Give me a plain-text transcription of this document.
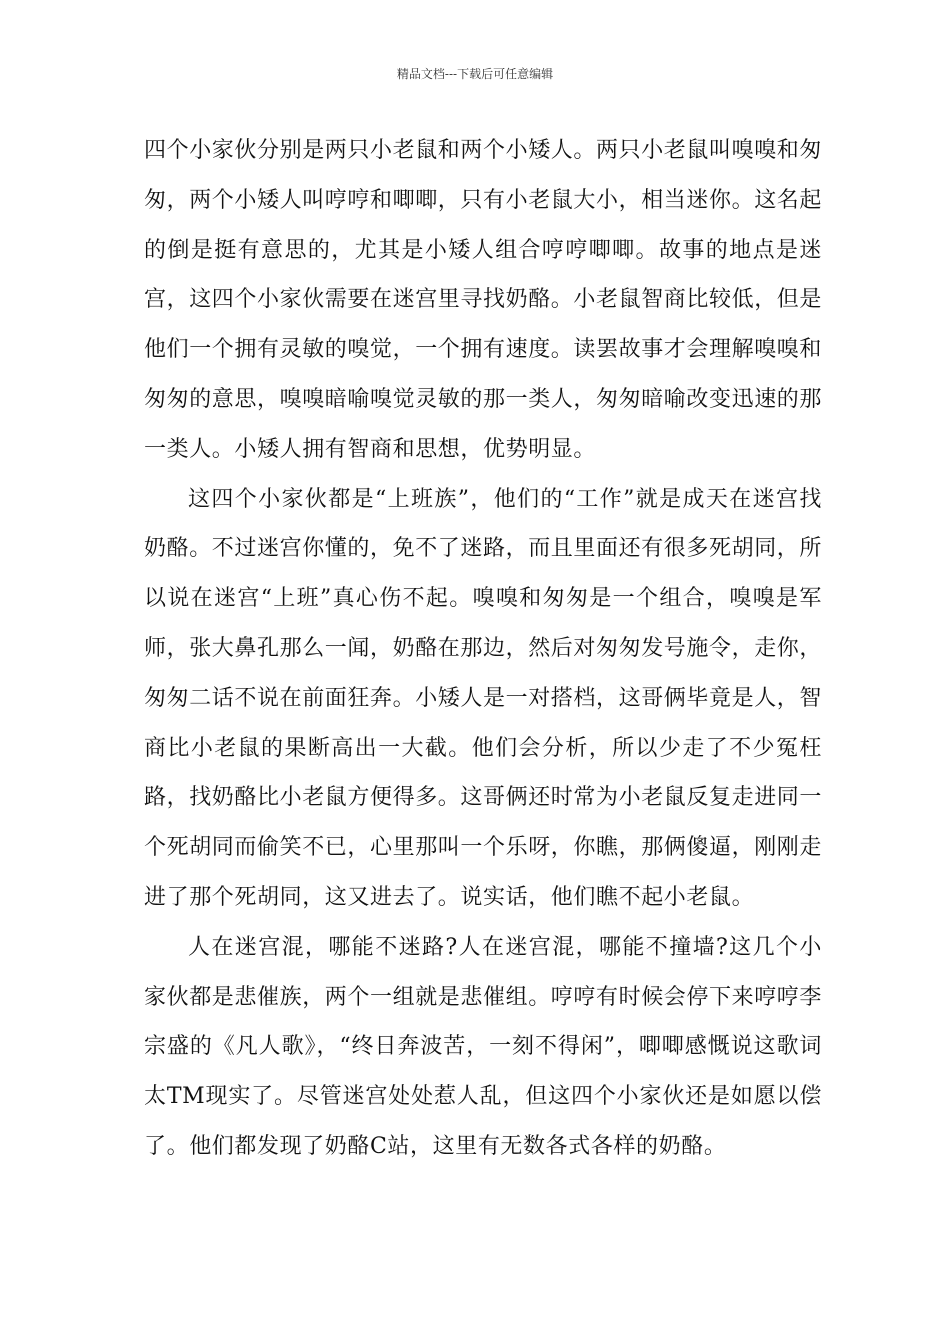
精品文档---下载后可任意编辑

四个小家伙分别是两只小老鼠和两个小矮人。两只小老鼠叫嗅嗅和匆匆，两个小矮人叫哼哼和唧唧，只有小老鼠大小，相当迷你。这名起的倒是挺有意思的，尤其是小矮人组合哼哼唧唧。故事的地点是迷宫，这四个小家伙需要在迷宫里寻找奶酪。小老鼠智商比较低，但是他们一个拥有灵敏的嗅觉，一个拥有速度。读罢故事才会理解嗅嗅和匆匆的意思，嗅嗅暗喻嗅觉灵敏的那一类人，匆匆暗喻改变迅速的那一类人。小矮人拥有智商和思想，优势明显。

这四个小家伙都是“上班族”，他们的“工作”就是成天在迷宫找奶酪。不过迷宫你懂的，免不了迷路，而且里面还有很多死胡同，所以说在迷宫“上班”真心伤不起。嗅嗅和匆匆是一个组合，嗅嗅是军师，张大鼻孔那么一闻，奶酪在那边，然后对匆匆发号施令，走你，匆匆二话不说在前面狂奔。小矮人是一对搭档，这哥俩毕竟是人，智商比小老鼠的果断高出一大截。他们会分析，所以少走了不少冤枉路，找奶酪比小老鼠方便得多。这哥俩还时常为小老鼠反复走进同一个死胡同而偷笑不已，心里那叫一个乐呀，你瞧，那俩傻逼，刚刚走进了那个死胡同，这又进去了。说实话，他们瞧不起小老鼠。

人在迷宫混，哪能不迷路?人在迷宫混，哪能不撞墙?这几个小家伙都是悲催族，两个一组就是悲催组。哼哼有时候会停下来哼哼李宗盛的《凡人歌》，“终日奔波苦，一刻不得闲”，唧唧感慨说这歌词太TM现实了。尽管迷宫处处惹人乱，但这四个小家伙还是如愿以偿了。他们都发现了奶酪C站，这里有无数各式各样的奶酪。
